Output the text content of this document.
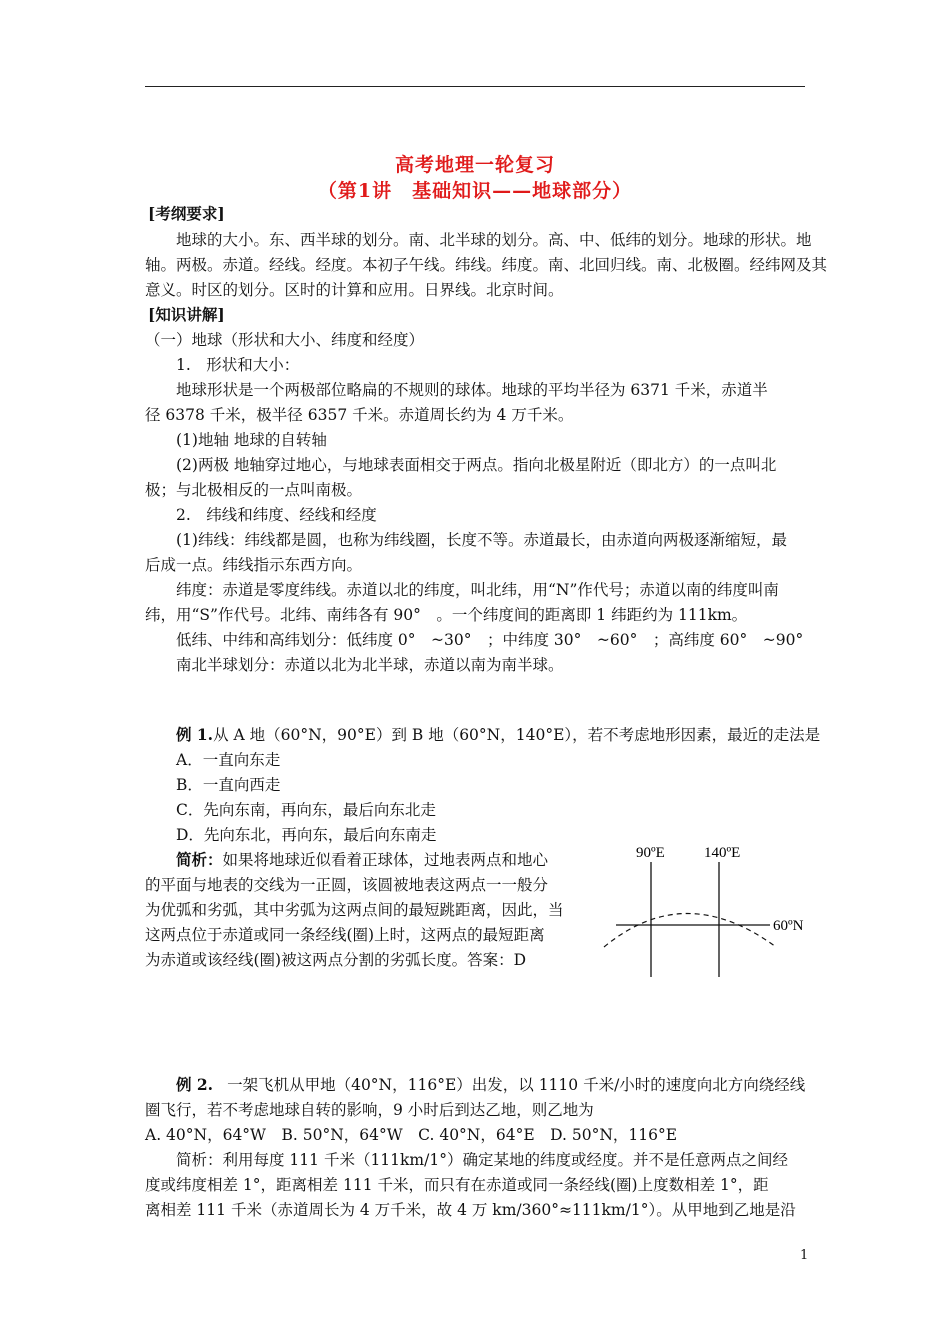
高考地理一轮复习
（第1讲　基础知识——地球部分）
[考纲要求]
地球的大小。东、西半球的划分。南、北半球的划分。高、中、低纬的划分。地球的形状。地
轴。两极。赤道。经线。经度。本初子午线。纬线。纬度。南、北回归线。南、北极圈。经纬网及其
意义。时区的划分。区时的计算和应用。日界线。北京时间。
[知识讲解]
（一）地球（形状和大小、纬度和经度）
1.　形状和大小：
地球形状是一个两极部位略扁的不规则的球体。地球的平均半径为 6371 千米，赤道半
径 6378 千米，极半径 6357 千米。赤道周长约为 4 万千米。
(1)地轴 地球的自转轴
(2)两极 地轴穿过地心，与地球表面相交于两点。指向北极星附近（即北方）的一点叫北
极；与北极相反的一点叫南极。
2.　纬线和纬度、经线和经度
(1)纬线：纬线都是圆，也称为纬线圈，长度不等。赤道最长，由赤道向两极逐渐缩短，最
后成一点。纬线指示东西方向。
纬度：赤道是零度纬线。赤道以北的纬度，叫北纬，用“N”作代号；赤道以南的纬度叫南
纬，用“S”作代号。北纬、南纬各有 90°　。一个纬度间的距离即 1 纬距约为 111km。
低纬、中纬和高纬划分：低纬度 0°　~30°　；中纬度 30°　~60°　；高纬度 60°　~90°
南北半球划分：赤道以北为北半球，赤道以南为南半球。
例 1.从 A 地（60°N，90°E）到 B 地（60°N，140°E），若不考虑地形因素，最近的走法是
A．一直向东走
B．一直向西走
C．先向东南，再向东，最后向东北走
D．先向东北，再向东，最后向东南走
简析：如果将地球近似看着正球体，过地表两点和地心
的平面与地表的交线为一正圆，该圆被地表这两点一一般分
为优弧和劣弧，其中劣弧为这两点间的最短跳距离，因此，当
这两点位于赤道或同一条经线(圈)上时，这两点的最短距离
为赤道或该经线(圈)被这两点分割的劣弧长度。答案：D
90ºE	140ºE
60ºN
例 2. 一架飞机从甲地（40°N，116°E）出发，以 1110 千米/小时的速度向北方向绕经线
圈飞行，若不考虑地球自转的影响，9 小时后到达乙地，则乙地为
A. 40°N，64°W　B. 50°N，64°W　C. 40°N，64°E　D. 50°N，116°E
简析：利用每度 111 千米（111km/1°）确定某地的纬度或经度。并不是任意两点之间经
度或纬度相差 1°，距离相差 111 千米，而只有在赤道或同一条经线(圈)上度数相差 1°，距
离相差 111 千米（赤道周长为 4 万千米，故 4 万 km/360°≈111km/1°）。从甲地到乙地是沿
1
